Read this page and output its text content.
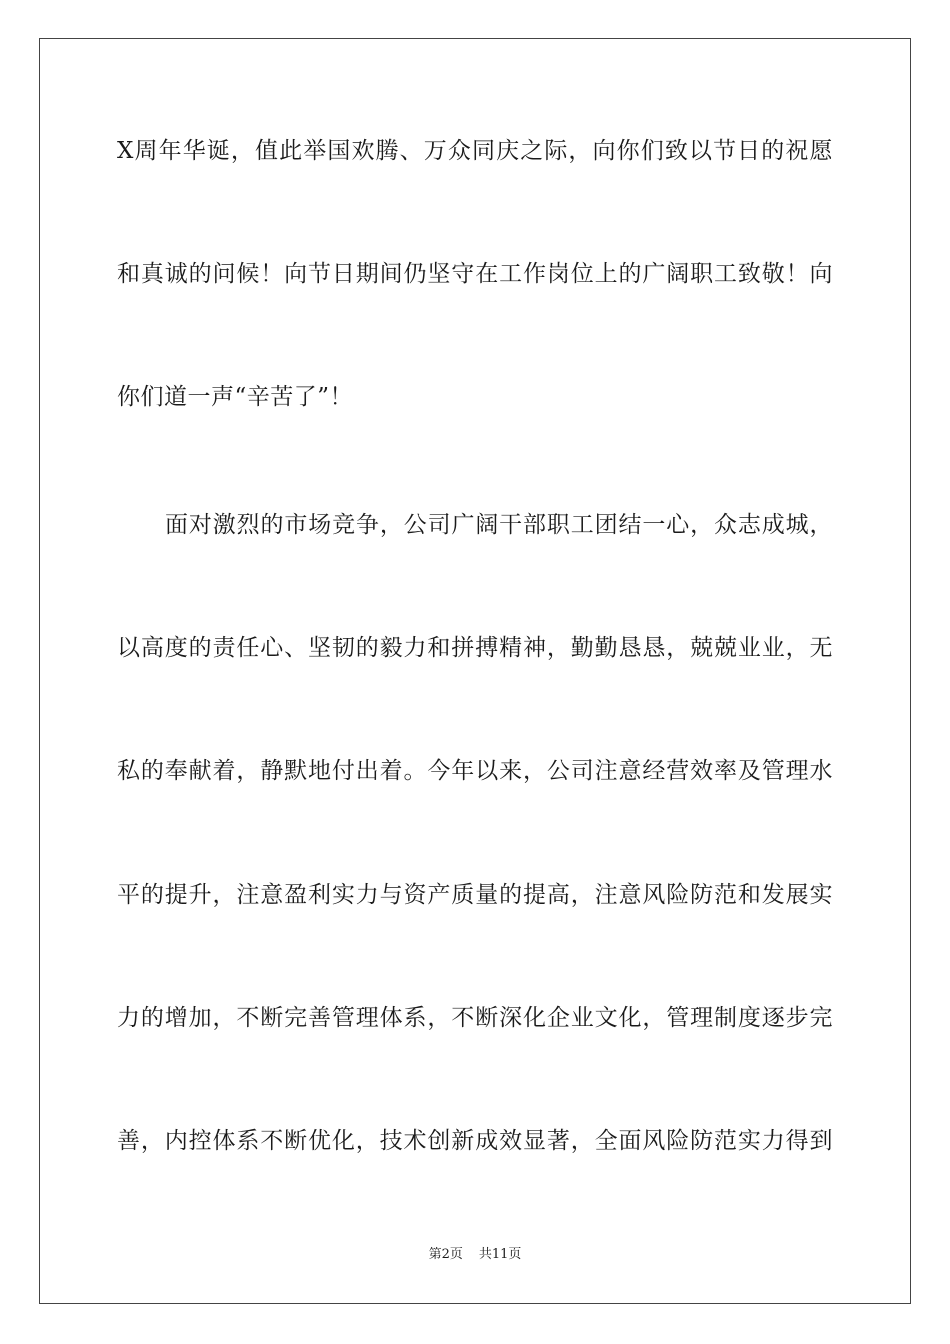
X周年华诞，值此举国欢腾、万众同庆之际，向你们致以节日的祝愿
和真诚的问候！向节日期间仍坚守在工作岗位上的广阔职工致敬！向
你们道一声“辛苦了”！
面对激烈的市场竞争，公司广阔干部职工团结一心，众志成城，
以高度的责任心、坚韧的毅力和拼搏精神，勤勤恳恳，兢兢业业，无
私的奉献着，静默地付出着。今年以来，公司注意经营效率及管理水
平的提升，注意盈利实力与资产质量的提高，注意风险防范和发展实
力的增加，不断完善管理体系，不断深化企业文化，管理制度逐步完
善，内控体系不断优化，技术创新成效显著，全面风险防范实力得到
第2页 共11页
